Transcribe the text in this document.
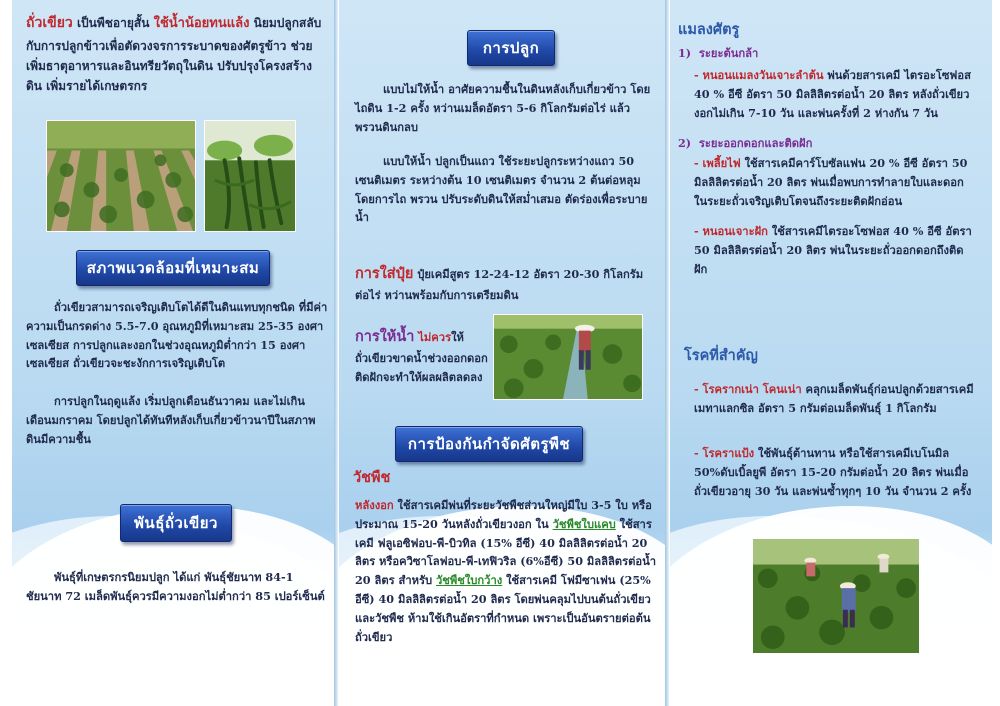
ถั่วเขียว เป็นพืชอายุสั้น ใช้น้ำน้อยทนแล้ง นิยมปลูกสลับกับการปลูกข้าวเพื่อตัดวงจรการระบาดของศัตรูข้าว ช่วยเพิ่มธาตุอาหารและอินทรียวัตถุในดิน ปรับปรุงโครงสร้างดิน เพิ่มรายได้เกษตรกร

สภาพแวดล้อมที่เหมาะสม

ถั่วเขียวสามารถเจริญเติบโตได้ดีในดินแทบทุกชนิด ที่มีค่าความเป็นกรดด่าง 5.5-7.0 อุณหภูมิที่เหมาะสม 25-35 องศาเซลเซียส การปลูกและงอกในช่วงอุณหภูมิต่ำกว่า 15 องศาเซลเซียส ถั่วเขียวจะชะงักการเจริญเติบโต

การปลูกในฤดูแล้ง เริ่มปลูกเดือนธันวาคม และไม่เกินเดือนมกราคม โดยปลูกได้ทันทีหลังเก็บเกี่ยวข้าวนาปีในสภาพดินมีความชื้น

พันธุ์ถั่วเขียว

พันธุ์ที่เกษตรกรนิยมปลูก ได้แก่ พันธุ์ชัยนาท 84-1 ชัยนาท 72 เมล็ดพันธุ์ควรมีความงอกไม่ต่ำกว่า 85 เปอร์เซ็นต์

การปลูก

แบบไม่ให้น้ำ อาศัยความชื้นในดินหลังเก็บเกี่ยวข้าว โดยไถดิน 1-2 ครั้ง หว่านเมล็ดอัตรา 5-6 กิโลกรัมต่อไร่ แล้วพรวนดินกลบ

แบบให้น้ำ ปลูกเป็นแถว ใช้ระยะปลูกระหว่างแถว 50 เซนติเมตร ระหว่างต้น 10 เซนติเมตร จำนวน 2 ต้นต่อหลุม โดยการไถ พรวน ปรับระดับดินให้สม่ำเสมอ ตัดร่องเพื่อระบายน้ำ

การใส่ปุ๋ย ปุ๋ยเคมีสูตร 12-24-12 อัตรา 20-30 กิโลกรัมต่อไร่ หว่านพร้อมกับการเตรียมดิน

การให้น้ำ ไม่ควรให้
ถั่วเขียวขาดน้ำช่วงออกดอก ติดฝักจะทำให้ผลผลิตลดลง

การป้องกันกำจัดศัตรูพืช
วัชพืช

หลังงอก ใช้สารเคมีพ่นที่ระยะวัชพืชส่วนใหญ่มีใบ 3-5 ใบ หรือประมาณ 15-20 วันหลังถั่วเขียวงอก ใน วัชพืชใบแคบ ใช้สารเคมี ฟลูเอซิฟอบ-พี-บิวทิล (15% อีซี) 40 มิลลิลิตรต่อน้ำ 20 ลิตร หรือควิซาโลฟอบ-พี-เทฟิวริล (6%อีซี) 50 มิลลิลิตรต่อน้ำ 20 ลิตร สำหรับ วัชพืชใบกว้าง ใช้สารเคมี โฟมีซาเฟน (25% อีซี) 40 มิลลิลิตรต่อน้ำ 20 ลิตร โดยพ่นคลุมไปบนต้นถั่วเขียวและวัชพืช ห้ามใช้เกินอัตราที่กำหนด เพราะเป็นอันตรายต่อต้นถั่วเขียว

แมลงศัตรู
1) ระยะต้นกล้า

- หนอนแมลงวันเจาะลำต้น พ่นด้วยสารเคมี ไตรอะโซฟอส 40 % อีซี อัตรา 50 มิลลิลิตรต่อน้ำ 20 ลิตร หลังถั่วเขียวงอกไม่เกิน 7-10 วัน และพ่นครั้งที่ 2 ห่างกัน 7 วัน

2) ระยะออกดอกและติดฝัก

- เพลี้ยไฟ ใช้สารเคมีคาร์โบซัลแฟน 20 % อีซี อัตรา 50 มิลลิลิตรต่อน้ำ 20 ลิตร พ่นเมื่อพบการทำลายใบและดอกในระยะถั่วเจริญเติบโตจนถึงระยะติดฝักอ่อน

- หนอนเจาะฝัก ใช้สารเคมีไตรอะโซฟอส 40 % อีซี อัตรา 50 มิลลิลิตรต่อน้ำ 20 ลิตร พ่นในระยะถั่วออกดอกถึงติดฝัก

โรคที่สำคัญ

- โรครากเน่า โคนเน่า คลุกเมล็ดพันธุ์ก่อนปลูกด้วยสารเคมีเมทาแลกซิล อัตรา 5 กรัมต่อเมล็ดพันธุ์ 1 กิโลกรัม

- โรคราแป้ง ใช้พันธุ์ต้านทาน หรือใช้สารเคมีเบโนมิล 50%ดับเบิ้ลยูพี อัตรา 15-20 กรัมต่อน้ำ 20 ลิตร พ่นเมื่อถั่วเขียวอายุ 30 วัน และพ่นซ้ำทุกๆ 10 วัน จำนวน 2 ครั้ง
